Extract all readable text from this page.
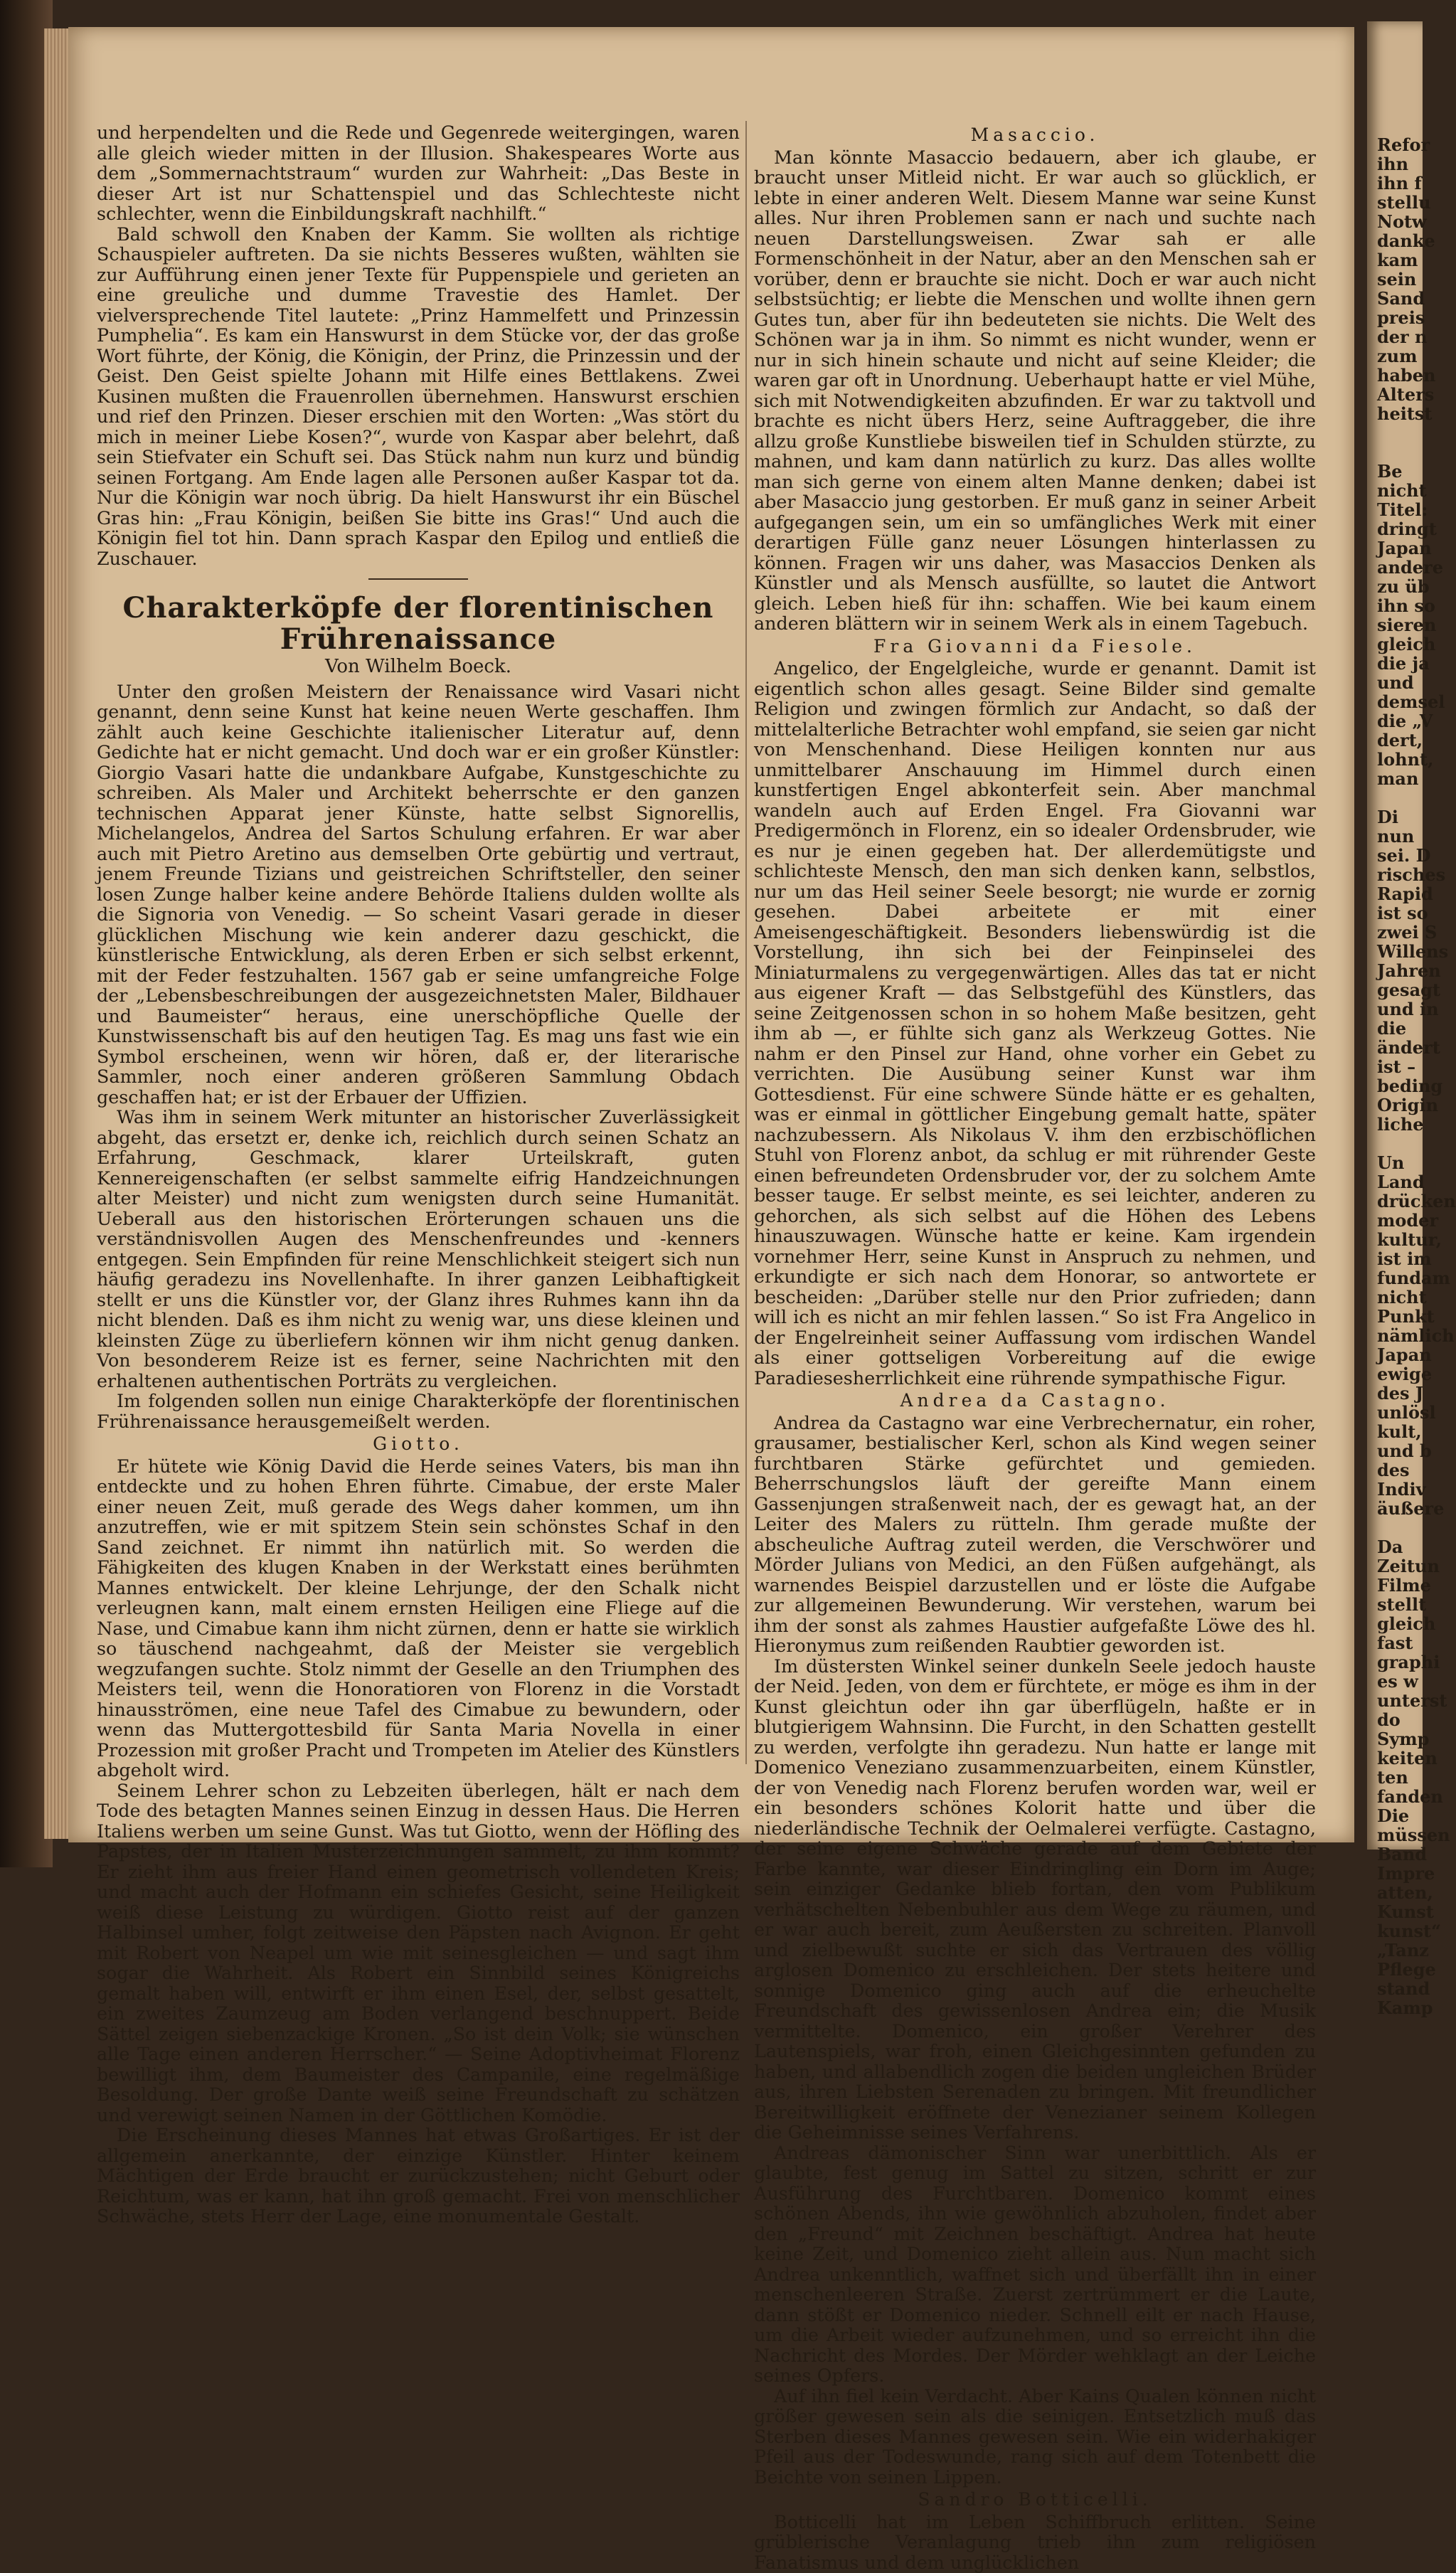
und herpendelten und die Rede und Gegenrede weitergingen, waren alle gleich wieder mitten in der Illusion. Shakespeares Worte aus dem „Sommernachtstraum“ wurden zur Wahrheit: „Das Beste in dieser Art ist nur Schattenspiel und das Schlechteste nicht schlechter, wenn die Einbildungskraft nachhilft.“

Bald schwoll den Knaben der Kamm. Sie wollten als richtige Schauspieler auftreten. Da sie nichts Besseres wußten, wählten sie zur Aufführung einen jener Texte für Puppenspiele und gerieten an eine greuliche und dumme Travestie des Hamlet. Der vielversprechende Titel lautete: „Prinz Hammelfett und Prinzessin Pumphelia“. Es kam ein Hanswurst in dem Stücke vor, der das große Wort führte, der König, die Königin, der Prinz, die Prinzessin und der Geist. Den Geist spielte Johann mit Hilfe eines Bettlakens. Zwei Kusinen mußten die Frauenrollen übernehmen. Hanswurst erschien und rief den Prinzen. Dieser erschien mit den Worten: „Was stört du mich in meiner Liebe Kosen?“, wurde von Kaspar aber belehrt, daß sein Stiefvater ein Schuft sei. Das Stück nahm nun kurz und bündig seinen Fortgang. Am Ende lagen alle Personen außer Kaspar tot da. Nur die Königin war noch übrig. Da hielt Hanswurst ihr ein Büschel Gras hin: „Frau Königin, beißen Sie bitte ins Gras!“ Und auch die Königin fiel tot hin. Dann sprach Kaspar den Epilog und entließ die Zuschauer.

Charakterköpfe der florentinischen Frührenaissance
Von Wilhelm Boeck.

Unter den großen Meistern der Renaissance wird Vasari nicht genannt, denn seine Kunst hat keine neuen Werte geschaffen. Ihm zählt auch keine Geschichte italienischer Literatur auf, denn Gedichte hat er nicht gemacht. Und doch war er ein großer Künstler: Giorgio Vasari hatte die undankbare Aufgabe, Kunstgeschichte zu schreiben. Als Maler und Architekt beherrschte er den ganzen technischen Apparat jener Künste, hatte selbst Signorellis, Michelangelos, Andrea del Sartos Schulung erfahren. Er war aber auch mit Pietro Aretino aus demselben Orte gebürtig und vertraut, jenem Freunde Tizians und geistreichen Schriftsteller, den seiner losen Zunge halber keine andere Behörde Italiens dulden wollte als die Signoria von Venedig. — So scheint Vasari gerade in dieser glücklichen Mischung wie kein anderer dazu geschickt, die künstlerische Entwicklung, als deren Erben er sich selbst erkennt, mit der Feder festzuhalten. 1567 gab er seine umfangreiche Folge der „Lebensbeschreibungen der ausgezeichnetsten Maler, Bildhauer und Baumeister“ heraus, eine unerschöpfliche Quelle der Kunstwissenschaft bis auf den heutigen Tag. Es mag uns fast wie ein Symbol erscheinen, wenn wir hören, daß er, der literarische Sammler, noch einer anderen größeren Sammlung Obdach geschaffen hat; er ist der Erbauer der Uffizien.

Was ihm in seinem Werk mitunter an historischer Zuverlässigkeit abgeht, das ersetzt er, denke ich, reichlich durch seinen Schatz an Erfahrung, Geschmack, klarer Urteilskraft, guten Kennereigenschaften (er selbst sammelte eifrig Handzeichnungen alter Meister) und nicht zum wenigsten durch seine Humanität. Ueberall aus den historischen Erörterungen schauen uns die verständnisvollen Augen des Menschenfreundes und -kenners entgegen. Sein Empfinden für reine Menschlichkeit steigert sich nun häufig geradezu ins Novellenhafte. In ihrer ganzen Leibhaftigkeit stellt er uns die Künstler vor, der Glanz ihres Ruhmes kann ihn da nicht blenden. Daß es ihm nicht zu wenig war, uns diese kleinen und kleinsten Züge zu überliefern können wir ihm nicht genug danken. Von besonderem Reize ist es ferner, seine Nachrichten mit den erhaltenen authentischen Porträts zu vergleichen.

Im folgenden sollen nun einige Charakterköpfe der florentinischen Frührenaissance herausgemeißelt werden.

Giotto.

Er hütete wie König David die Herde seines Vaters, bis man ihn entdeckte und zu hohen Ehren führte. Cimabue, der erste Maler einer neuen Zeit, muß gerade des Wegs daher kommen, um ihn anzutreffen, wie er mit spitzem Stein sein schönstes Schaf in den Sand zeichnet. Er nimmt ihn natürlich mit. So werden die Fähigkeiten des klugen Knaben in der Werkstatt eines berühmten Mannes entwickelt. Der kleine Lehrjunge, der den Schalk nicht verleugnen kann, malt einem ernsten Heiligen eine Fliege auf die Nase, und Cimabue kann ihm nicht zürnen, denn er hatte sie wirklich so täuschend nachgeahmt, daß der Meister sie vergeblich wegzufangen suchte. Stolz nimmt der Geselle an den Triumphen des Meisters teil, wenn die Honoratioren von Florenz in die Vorstadt hinausströmen, eine neue Tafel des Cimabue zu bewundern, oder wenn das Muttergottesbild für Santa Maria Novella in einer Prozession mit großer Pracht und Trompeten im Atelier des Künstlers abgeholt wird.

Seinem Lehrer schon zu Lebzeiten überlegen, hält er nach dem Tode des betagten Mannes seinen Einzug in dessen Haus. Die Herren Italiens werben um seine Gunst. Was tut Giotto, wenn der Höfling des Papstes, der in Italien Musterzeichnungen sammelt, zu ihm kommt? Er zieht ihm aus freier Hand einen geometrisch vollendeten Kreis; und macht auch der Hofmann ein schiefes Gesicht, seine Heiligkeit weiß diese Leistung zu würdigen. Giotto reist auf der ganzen Halbinsel umher, folgt zeitweise den Päpsten nach Avignon. Er geht mit Robert von Neapel um wie mit seinesgleichen — und sagt ihm sogar die Wahrheit. Als Robert ein Sinnbild seines Königreichs gemalt haben will, entwirft er ihm einen Esel, der, selbst gesattelt, ein zweites Zaumzeug am Boden verlangend beschnuppert. Beide Sättel zeigen siebenzackige Kronen. „So ist dein Volk; sie wünschen alle Tage einen anderen Herrscher.“ — Seine Adoptivheimat Florenz bewilligt ihm, dem Baumeister des Campanile, eine regelmäßige Besoldung. Der große Dante weiß seine Freundschaft zu schätzen und verewigt seinen Namen in der Göttlichen Komödie.

Die Erscheinung dieses Mannes hat etwas Großartiges. Er ist der allgemein anerkannte, der einzige Künstler. Hinter keinem Mächtigen der Erde braucht er zurückzustehen; nicht Geburt oder Reichtum, was er kann, hat ihn groß gemacht. Frei von menschlicher Schwäche, stets Herr der Lage, eine monumentale Gestalt.

Masaccio.

Man könnte Masaccio bedauern, aber ich glaube, er braucht unser Mitleid nicht. Er war auch so glücklich, er lebte in einer anderen Welt. Diesem Manne war seine Kunst alles. Nur ihren Problemen sann er nach und suchte nach neuen Darstellungsweisen. Zwar sah er alle Formenschönheit in der Natur, aber an den Menschen sah er vorüber, denn er brauchte sie nicht. Doch er war auch nicht selbstsüchtig; er liebte die Menschen und wollte ihnen gern Gutes tun, aber für ihn bedeuteten sie nichts. Die Welt des Schönen war ja in ihm. So nimmt es nicht wunder, wenn er nur in sich hinein schaute und nicht auf seine Kleider; die waren gar oft in Unordnung. Ueberhaupt hatte er viel Mühe, sich mit Notwendigkeiten abzufinden. Er war zu taktvoll und brachte es nicht übers Herz, seine Auftraggeber, die ihre allzu große Kunstliebe bisweilen tief in Schulden stürzte, zu mahnen, und kam dann natürlich zu kurz. Das alles wollte man sich gerne von einem alten Manne denken; dabei ist aber Masaccio jung gestorben. Er muß ganz in seiner Arbeit aufgegangen sein, um ein so umfängliches Werk mit einer derartigen Fülle ganz neuer Lösungen hinterlassen zu können. Fragen wir uns daher, was Masaccios Denken als Künstler und als Mensch ausfüllte, so lautet die Antwort gleich. Leben hieß für ihn: schaffen. Wie bei kaum einem anderen blättern wir in seinem Werk als in einem Tagebuch.

Fra Giovanni da Fiesole.

Angelico, der Engelgleiche, wurde er genannt. Damit ist eigentlich schon alles gesagt. Seine Bilder sind gemalte Religion und zwingen förmlich zur Andacht, so daß der mittelalterliche Betrachter wohl empfand, sie seien gar nicht von Menschenhand. Diese Heiligen konnten nur aus unmittelbarer Anschauung im Himmel durch einen kunstfertigen Engel abkonterfeit sein. Aber manchmal wandeln auch auf Erden Engel. Fra Giovanni war Predigermönch in Florenz, ein so idealer Ordensbruder, wie es nur je einen gegeben hat. Der allerdemütigste und schlichteste Mensch, den man sich denken kann, selbstlos, nur um das Heil seiner Seele besorgt; nie wurde er zornig gesehen. Dabei arbeitete er mit einer Ameisengeschäftigkeit. Besonders liebenswürdig ist die Vorstellung, ihn sich bei der Feinpinselei des Miniaturmalens zu vergegenwärtigen. Alles das tat er nicht aus eigener Kraft — das Selbstgefühl des Künstlers, das seine Zeitgenossen schon in so hohem Maße besitzen, geht ihm ab —, er fühlte sich ganz als Werkzeug Gottes. Nie nahm er den Pinsel zur Hand, ohne vorher ein Gebet zu verrichten. Die Ausübung seiner Kunst war ihm Gottesdienst. Für eine schwere Sünde hätte er es gehalten, was er einmal in göttlicher Eingebung gemalt hatte, später nachzubessern. Als Nikolaus V. ihm den erzbischöflichen Stuhl von Florenz anbot, da schlug er mit rührender Geste einen befreundeten Ordensbruder vor, der zu solchem Amte besser tauge. Er selbst meinte, es sei leichter, anderen zu gehorchen, als sich selbst auf die Höhen des Lebens hinauszuwagen. Wünsche hatte er keine. Kam irgendein vornehmer Herr, seine Kunst in Anspruch zu nehmen, und erkundigte er sich nach dem Honorar, so antwortete er bescheiden: „Darüber stelle nur den Prior zufrieden; dann will ich es nicht an mir fehlen lassen.“ So ist Fra Angelico in der Engelreinheit seiner Auffassung vom irdischen Wandel als einer gottseligen Vorbereitung auf die ewige Paradiesesherrlichkeit eine rührende sympathische Figur.

Andrea da Castagno.

Andrea da Castagno war eine Verbrechernatur, ein roher, grausamer, bestialischer Kerl, schon als Kind wegen seiner furchtbaren Stärke gefürchtet und gemieden. Beherrschungslos läuft der gereifte Mann einem Gassenjungen straßenweit nach, der es gewagt hat, an der Leiter des Malers zu rütteln. Ihm gerade mußte der abscheuliche Auftrag zuteil werden, die Verschwörer und Mörder Julians von Medici, an den Füßen aufgehängt, als warnendes Beispiel darzustellen und er löste die Aufgabe zur allgemeinen Bewunderung. Wir verstehen, warum bei ihm der sonst als zahmes Haustier aufgefaßte Löwe des hl. Hieronymus zum reißenden Raubtier geworden ist.

Im düstersten Winkel seiner dunkeln Seele jedoch hauste der Neid. Jeden, von dem er fürchtete, er möge es ihm in der Kunst gleichtun oder ihn gar überflügeln, haßte er in blutgierigem Wahnsinn. Die Furcht, in den Schatten gestellt zu werden, verfolgte ihn geradezu. Nun hatte er lange mit Domenico Veneziano zusammenzuarbeiten, einem Künstler, der von Venedig nach Florenz berufen worden war, weil er ein besonders schönes Kolorit hatte und über die niederländische Technik der Oelmalerei verfügte. Castagno, der seine eigene Schwäche gerade auf dem Gebiete der Farbe kannte, war dieser Eindringling ein Dorn im Auge; sein einziger Gedanke blieb fortan, den vom Publikum verhätschelten Nebenbuhler aus dem Wege zu räumen, und er war auch bereit, zum Aeußersten zu schreiten. Planvoll und zielbewußt suchte er sich das Vertrauen des völlig arglosen Domenico zu erschleichen. Der stets heitere und sonnige Domenico ging auch auf die erheuchelte Freundschaft des gewissenlosen Andrea ein; die Musik vermittelte. Domenico, ein großer Verehrer des Lautenspiels, war froh, einen Gleichgesinnten gefunden zu haben, und allabendlich zogen die beiden ungleichen Brüder aus, ihren Liebsten Serenaden zu bringen. Mit freundlicher Bereitwilligkeit eröffnete der Venezianer seinem Kollegen die Geheimnisse seines Verfahrens.

Andreas dämonischer Sinn war unerbittlich. Als er glaubte, fest genug im Sattel zu sitzen, schritt er zur Ausführung des Furchtbaren. Domenico kommt eines schönen Abends, ihn wie gewöhnlich abzuholen, findet aber den „Freund“ mit Zeichnen beschäftigt. Andrea hat heute keine Zeit, und Domenico zieht allein aus. Nun macht sich Andrea unkenntlich, waffnet sich und überfällt ihn in einer menschenleeren Straße. Zuerst zertrümmert er die Laute, dann stößt er Domenico nieder. Schnell eilt er nach Hause, um die Arbeit wieder aufzunehmen, und so erreicht ihn die Nachricht des Mordes. Der Mörder wehklagt an der Leiche seines Opfers.

Auf ihn fiel kein Verdacht. Aber Kains Qualen können nicht größer gewesen sein als die seinigen. Entsetzlich muß das Sterben dieses Mannes gewesen sein. Wie ein widerhakiger Pfeil aus der Todeswunde, rang sich auf dem Totenbett die Beichte von seinen Lippen.

Sandro Botticelli.

Botticelli hat im Leben Schiffbruch erlitten. Seine grüblerische Veranlagung trieb ihn zum religiösen Fanatismus und dem unglücklichen

Refor
ihn
ihn f
stellu
Notw
danke
kam
sein
Sand
preis
der n
zum
haben
Alters
heitst

Be
nicht
Titel:
dringt
Japan
andere
zu üb
ihn so
sieren
gleich
die ja
und
demsel
die „V
dert,
lohnt,
man

Di
nun
sei. D
risches
Rapid
ist so
zwei S
Willens
Jahren
gesagt
und in
die
ändert
ist –
beding
Origin
liche

Un
Land
drücken
moder
kultur,
ist im
fundam
nicht
Punkt
nämlich
Japan
ewige
des J
unlösl
kult,
und b
des
Indiv
äußere

Da
Zeitun
Filme
stellt
gleich
fast
graphi
es w
unterst
do
Symp
keiten
ten
fanden
Die
müssen
Band
Impre
atten,
Kunst
kunst“
„Tanz
Pflege
stand
Kamp
